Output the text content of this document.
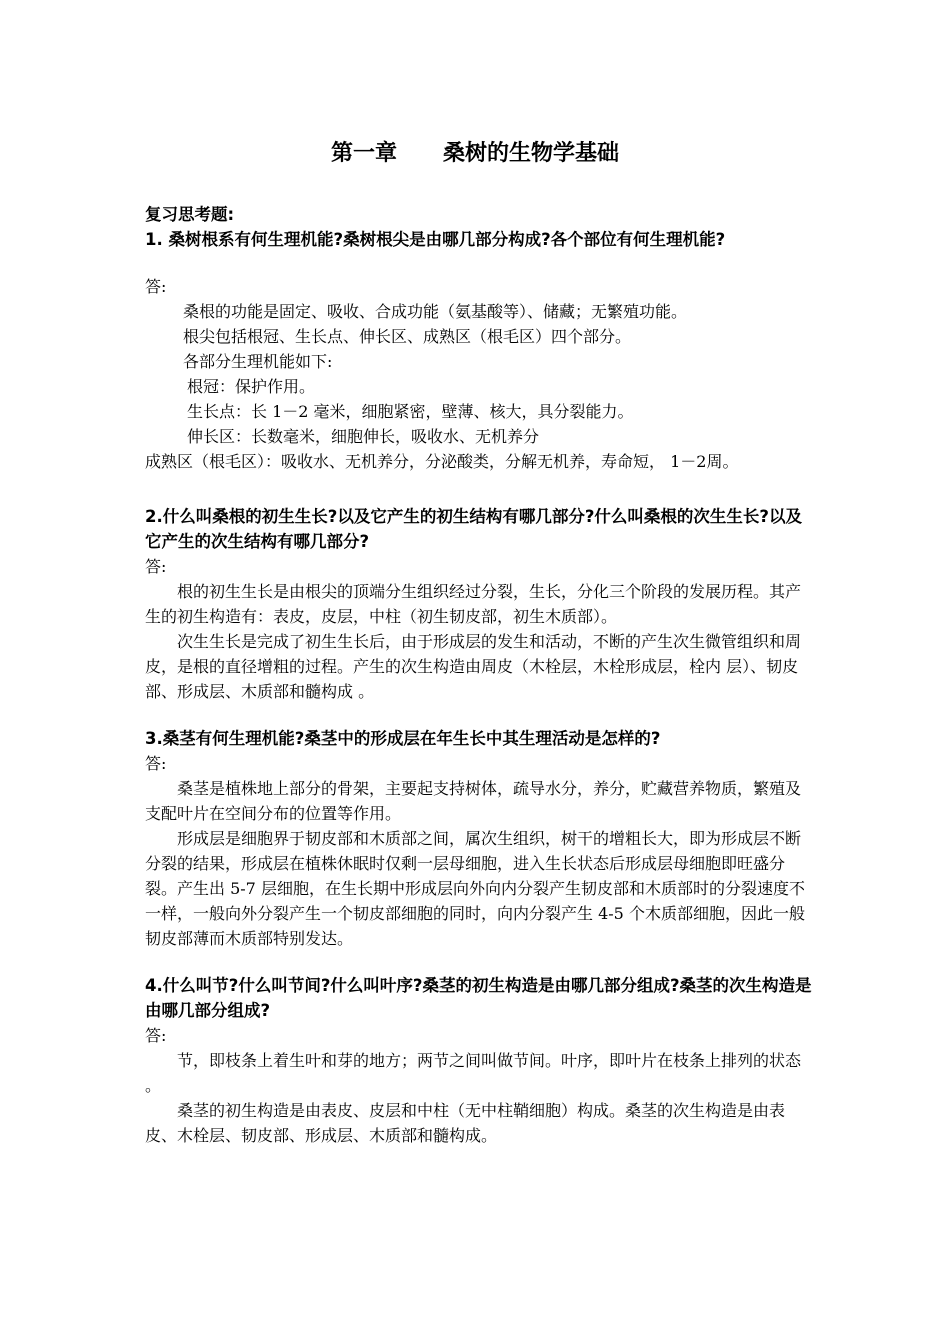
第一章      桑树的生物学基础
复习思考题:
1. 桑树根系有何生理机能?桑树根尖是由哪几部分构成?各个部位有何生理机能?
答:
桑根的功能是固定、吸收、合成功能（氨基酸等）、储藏；无繁殖功能。
根尖包括根冠、生长点、伸长区、成熟区（根毛区）四个部分。
各部分生理机能如下:
根冠：保护作用。
生长点：长 1－2 毫米，细胞紧密，壁薄、核大，具分裂能力。
伸长区：长数毫米，细胞伸长，吸收水、无机养分
成熟区（根毛区）：吸收水、无机养分，分泌酸类，分解无机养，寿命短， 1－2周。
2.什么叫桑根的初生生长?以及它产生的初生结构有哪几部分?什么叫桑根的次生生长?以及它产生的次生结构有哪几部分?
答:

根的初生生长是由根尖的顶端分生组织经过分裂，生长，分化三个阶段的发展历程。其产生的初生构造有：表皮，皮层，中柱（初生韧皮部，初生木质部）。

次生生长是完成了初生生长后，由于形成层的发生和活动，不断的产生次生微管组织和周皮，是根的直径增粗的过程。产生的次生构造由周皮（木栓层，木栓形成层，栓内 层）、韧皮部、形成层、木质部和髓构成 。

3.桑茎有何生理机能?桑茎中的形成层在年生长中其生理活动是怎样的?
答:

桑茎是植株地上部分的骨架，主要起支持树体，疏导水分，养分，贮藏营养物质，繁殖及支配叶片在空间分布的位置等作用。

形成层是细胞界于韧皮部和木质部之间，属次生组织，树干的增粗长大，即为形成层不断分裂的结果，形成层在植株休眠时仅剩一层母细胞，进入生长状态后形成层母细胞即旺盛分裂。产生出 5-7 层细胞，在生长期中形成层向外向内分裂产生韧皮部和木质部时的分裂速度不一样，一般向外分裂产生一个韧皮部细胞的同时，向内分裂产生 4-5 个木质部细胞，因此一般韧皮部薄而木质部特别发达。

4.什么叫节?什么叫节间?什么叫叶序?桑茎的初生构造是由哪几部分组成?桑茎的次生构造是由哪几部分组成?
答:

节，即枝条上着生叶和芽的地方；两节之间叫做节间。叶序，即叶片在枝条上排列的状态 。

桑茎的初生构造是由表皮、皮层和中柱（无中柱鞘细胞）构成。桑茎的次生构造是由表皮、木栓层、韧皮部、形成层、木质部和髓构成。
